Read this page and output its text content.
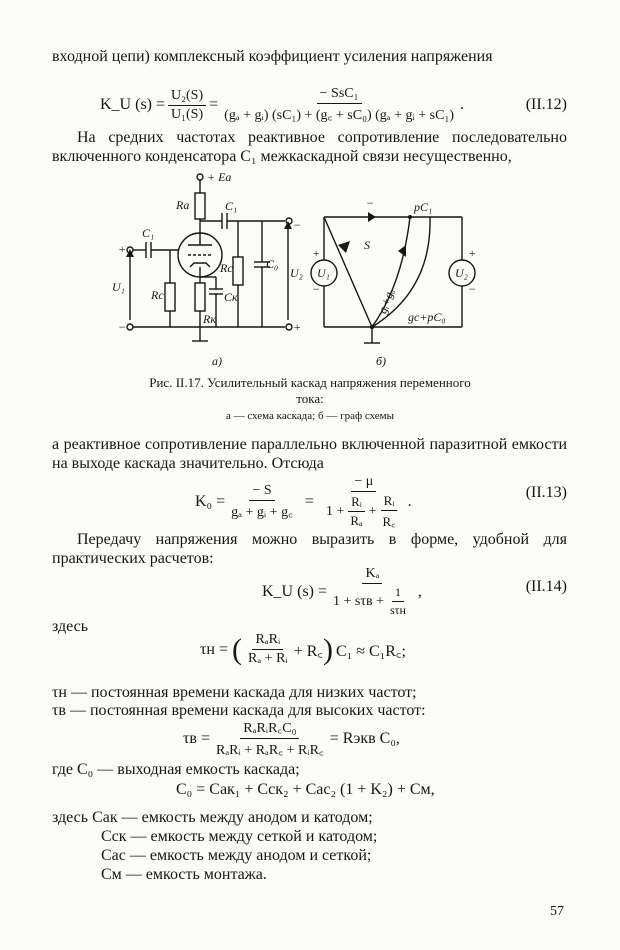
входной цепи) комплексный коэффициент усиления напряжения
K_U $(s) = \frac{\text{U₂(S)}}{\text{U₁(S)}} = \frac{\text{− SsC₁}}{\text{(gₐ + gᵢ) (sC₁) + (g꜀ + sC₀) (gₐ + gᵢ + sC₁)}}$ .	(II.12)
На средних частотах реактивное сопротивление последовательно включенного конденсатора C₁ межкаскадной связи несущественно,
+ Eа
Rа	C₁
C₁
Rс	C₀
U₁
U₂
Rс	Cк
Rк
+
−
−
+
а)
pC₁
S
gᵢ+gₐ
gс+pC₀
U₁	U₂
+
−
+
−
−
б)
Рис. II.17. Усилительный каскад напряжения переменного тока:
а — схема каскада; б — граф схемы
а реактивное сопротивление параллельно включенной паразитной емкости на выходе каскада значительно. Отсюда
$K_0 = \frac{- S}{\text{gₐ + gᵢ + g꜀}}$ =
− μ
$1 + \frac{\text{Rᵢ}}{\text{Rₐ}} + \frac{\text{Rᵢ}}{R꜀}$ .
(II.13)
Передачу напряжения можно выразить в форме, удобной для практических расчетов:
K_U $(s) = \frac{\text{Kₐ}}{1 + s\tau в + \frac{1}{\text{sτн}}}$ ,	(II.14)
здесь
τн = ( $\frac{\text{RₐRᵢ}}{\text{Rₐ + Rᵢ}}$ + R꜀ ) C₁ ≈ C₁R꜀;
τн — постоянная времени каскада для низких частот;
τв — постоянная времени каскада для высоких частот:
$\tau в = \frac{\text{RₐRᵢR꜀C₀}}{\text{RₐRᵢ + RₐR꜀ + RᵢR꜀}}$ = Rэкв C₀,
где C₀ — выходная емкость каскада;
C₀ = Cак₁ + Cск₂ + Cас₂ (1 + K₂) + Cм,
здесь Cак — емкость между анодом и катодом;
Cск — емкость между сеткой и катодом;
Cас — емкость между анодом и сеткой;
Cм — емкость монтажа.
57
